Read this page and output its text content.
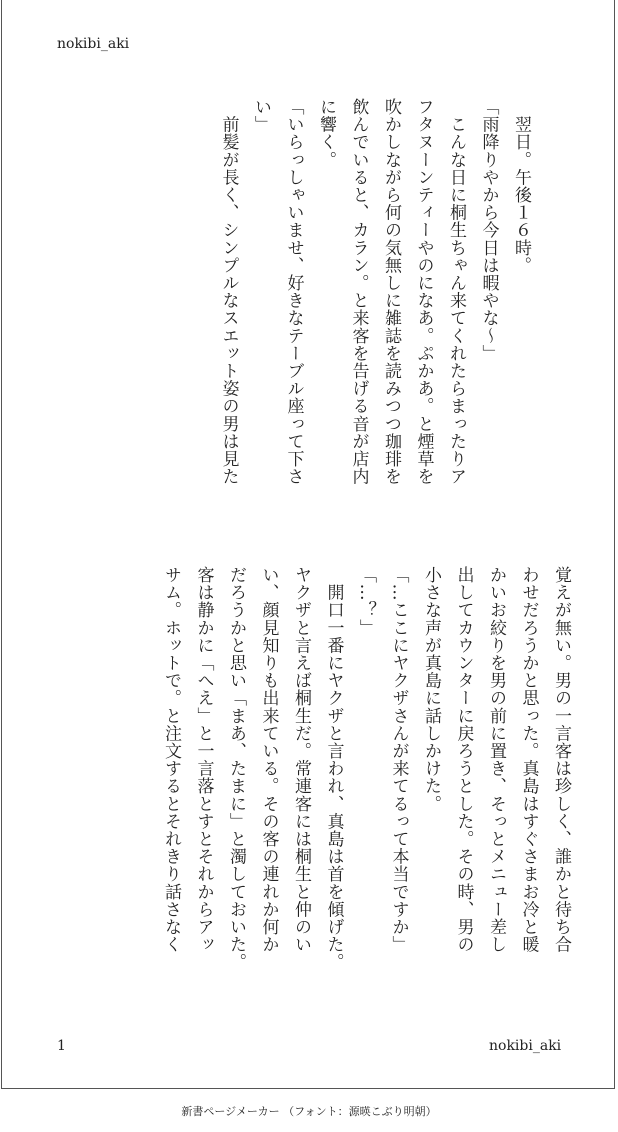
nokibi_aki
　翌日。午後１６時。
「雨降りやから今日は暇やな〜」
　こんな日に桐生ちゃん来てくれたらまったりア
フタヌーンティーやのになあ。ぷかあ。と煙草を
吹かしながら何の気無しに雑誌を読みつつ珈琲を
飲んでいると、カラン。と来客を告げる音が店内
に響く。
「いらっしゃいませ、好きなテーブル座って下さ
い」
　前髪が長く、シンプルなスエット姿の男は見た
覚えが無い。男の一言客は珍しく、誰かと待ち合
わせだろうかと思った。真島はすぐさまお冷と暖
かいお絞りを男の前に置き、そっとメニュー差し
出してカウンターに戻ろうとした。その時、男の
小さな声が真島に話しかけた。
「…ここにヤクザさんが来てるって本当ですか」
「…？」
　開口一番にヤクザと言われ、真島は首を傾げた。
ヤクザと言えば桐生だ。常連客には桐生と仲のい
い、顔見知りも出来ている。その客の連れか何か
だろうかと思い「まあ、たまに」と濁しておいた。
客は静かに「へえ」と一言落とすとそれからアッ
サム。ホットで。と注文するとそれきり話さなく
1	nokibi_aki
新書ページメーカー （フォント：源暎こぶり明朝）
